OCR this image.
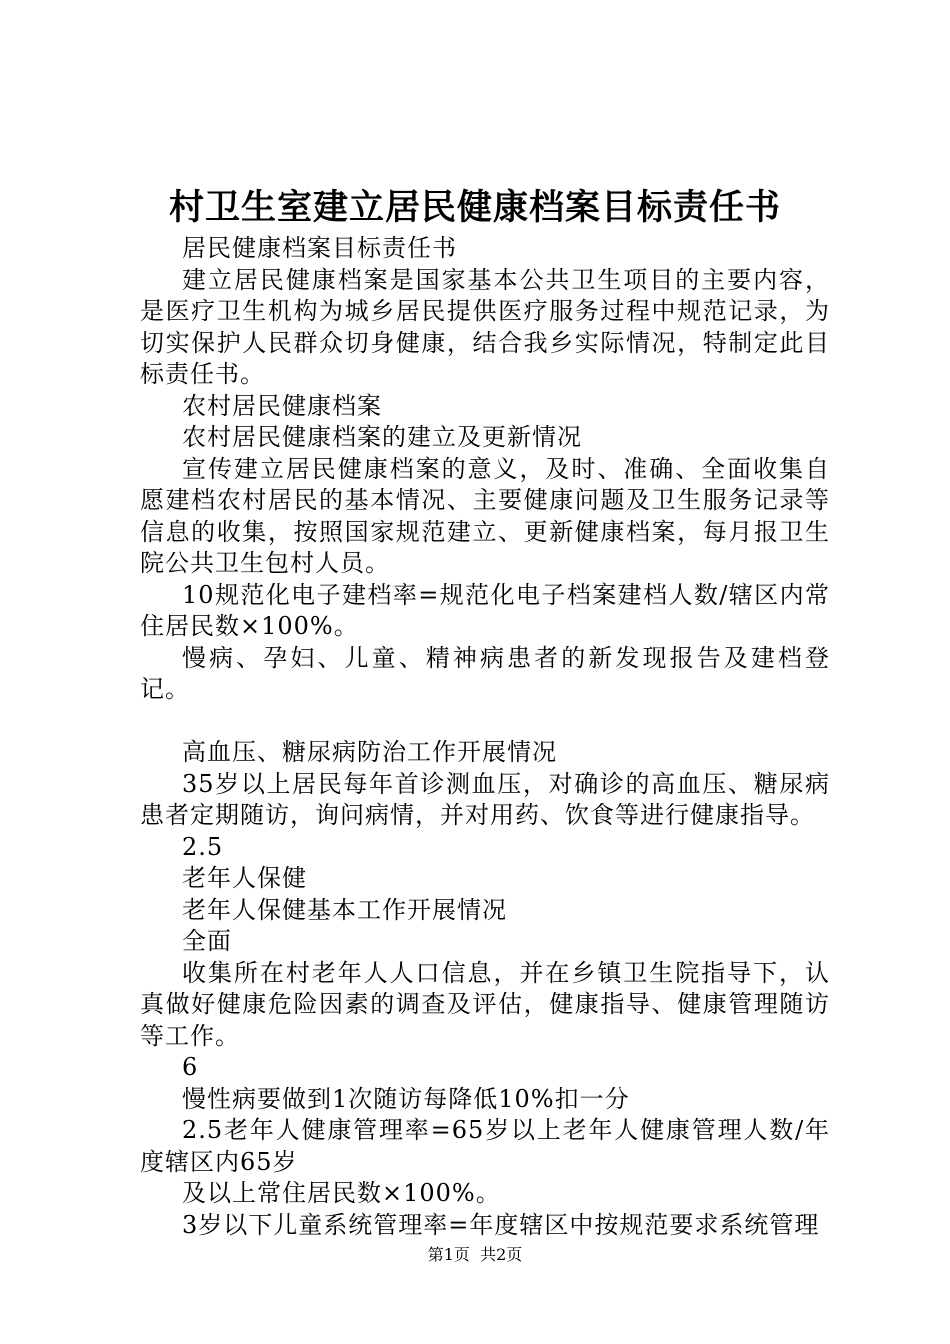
村卫生室建立居民健康档案目标责任书

居民健康档案目标责任书

建立居民健康档案是国家基本公共卫生项目的主要内容，是医疗卫生机构为城乡居民提供医疗服务过程中规范记录，为切实保护人民群众切身健康，结合我乡实际情况，特制定此目标责任书。

农村居民健康档案

农村居民健康档案的建立及更新情况

宣传建立居民健康档案的意义，及时、准确、全面收集自愿建档农村居民的基本情况、主要健康问题及卫生服务记录等信息的收集，按照国家规范建立、更新健康档案，每月报卫生院公共卫生包村人员。

10规范化电子建档率=规范化电子档案建档人数/辖区内常住居民数×100%。

慢病、孕妇、儿童、精神病患者的新发现报告及建档登记。

高血压、糖尿病防治工作开展情况

35岁以上居民每年首诊测血压，对确诊的高血压、糖尿病患者定期随访，询问病情，并对用药、饮食等进行健康指导。

2.5

老年人保健

老年人保健基本工作开展情况

全面

收集所在村老年人人口信息，并在乡镇卫生院指导下，认真做好健康危险因素的调查及评估，健康指导、健康管理随访等工作。

6

慢性病要做到1次随访每降低10%扣一分

2.5老年人健康管理率=65岁以上老年人健康管理人数/年度辖区内65岁

及以上常住居民数×100%。

3岁以下儿童系统管理率=年度辖区中按规范要求系统管理

第1页  共2页
